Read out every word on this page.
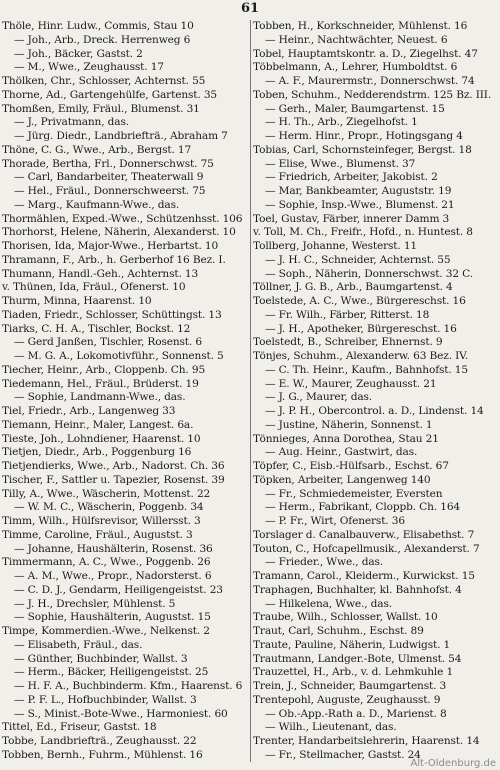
61
Thöle, Hinr. Ludw., Commis, Stau 10
— Joh., Arb., Dreck. Herrenweg 6
— Joh., Bäcker, Gastst. 2
— M., Wwe., Zeughausst. 17
Thölken, Chr., Schlosser, Achternst. 55
Thorne, Ad., Gartengehülfe, Gartenst. 35
Thomßen, Emily, Fräul., Blumenst. 31
— J., Privatmann, das.
— Jürg. Diedr., Landbriefträ., Abraham 7
Thöne, C. G., Wwe., Arb., Bergst. 17
Thorade, Bertha, Frl., Donnerschwst. 75
— Carl, Bandarbeiter, Theaterwall 9
— Hel., Fräul., Donnerschweerst. 75
— Marg., Kaufmann-Wwe., das.
Thormählen, Exped.-Wwe., Schützenhsst. 106
Thorhorst, Helene, Näherin, Alexanderst. 10
Thorisen, Ida, Major-Wwe., Herbartst. 10
Thramann, F., Arb., h. Gerberhof 16 Bez. I.
Thumann, Handl.-Geh., Achternst. 13
v. Thünen, Ida, Fräul., Ofenerst. 10
Thurm, Minna, Haarenst. 10
Tiaden, Friedr., Schlosser, Schüttingst. 13
Tiarks, C. H. A., Tischler, Bockst. 12
— Gerd Janßen, Tischler, Rosenst. 6
— M. G. A., Lokomotivführ., Sonnenst. 5
Tiecher, Heinr., Arb., Cloppenb. Ch. 95
Tiedemann, Hel., Fräul., Brüderst. 19
— Sophie, Landmann-Wwe., das.
Tiel, Friedr., Arb., Langenweg 33
Tiemann, Heinr., Maler, Langest. 6a.
Tieste, Joh., Lohndiener, Haarenst. 10
Tietjen, Diedr., Arb., Poggenburg 16
Tietjendierks, Wwe., Arb., Nadorst. Ch. 36
Tischer, F., Sattler u. Tapezier, Rosenst. 39
Tilly, A., Wwe., Wäscherin, Mottenst. 22
— W. M. C., Wäscherin, Poggenb. 34
Timm, Wilh., Hülfsrevisor, Willersst. 3
Timme, Caroline, Fräul., Augustst. 3
— Johanne, Haushälterin, Rosenst. 36
Timmermann, A. C., Wwe., Poggenb. 26
— A. M., Wwe., Propr., Nadorsterst. 6
— C. D. J., Gendarm, Heiligengeistst. 23
— J. H., Drechsler, Mühlenst. 5
— Sophie, Haushälterin, Augustst. 15
Timpe, Kommerdien.-Wwe., Nelkenst. 2
— Elisabeth, Fräul., das.
— Günther, Buchbinder, Wallst. 3
— Herm., Bäcker, Heiligengeistst. 25
— H. F. A., Buchbinderm. Kfm., Haarenst. 6
— P. F. L., Hofbuchbinder, Wallst. 3
— S., Minist.-Bote-Wwe., Harmoniest. 60
Tittel, Ed., Friseur, Gastst. 18
Tobbe, Landbriefträ., Zeughausst. 22
Tobben, Bernh., Fuhrm., Mühlenst. 16
Tobben, H., Korkschneider, Mühlenst. 16
— Heinr., Nachtwächter, Neuest. 6
Tobel, Hauptamtskontr. a. D., Ziegelhst. 47
Többelmann, A., Lehrer, Humboldtst. 6
— A. F., Maurermstr., Donnerschwst. 74
Toben, Schuhm., Nedderendstrm. 125 Bz. III.
— Gerh., Maler, Baumgartenst. 15
— H. Th., Arb., Ziegelhofst. 1
— Herm. Hinr., Propr., Hotingsgang 4
Tobias, Carl, Schornsteinfeger, Bergst. 18
— Elise, Wwe., Blumenst. 37
— Friedrich, Arbeiter, Jakobist. 2
— Mar, Bankbeamter, Auguststr. 19
— Sophie, Insp.-Wwe., Blumenst. 21
Toel, Gustav, Färber, innerer Damm 3
v. Toll, M. Ch., Freifr., Hofd., n. Huntest. 8
Tollberg, Johanne, Westerst. 11
— J. H. C., Schneider, Achternst. 55
— Soph., Näherin, Donnerschwst. 32 C.
Töllner, J. G. B., Arb., Baumgartenst. 4
Toelstede, A. C., Wwe., Bürgereschst. 16
— Fr. Wilh., Färber, Ritterst. 18
— J. H., Apotheker, Bürgereschst. 16
Toelstedt, B., Schreiber, Ehnernst. 9
Tönjes, Schuhm., Alexanderw. 63 Bez. IV.
— C. Th. Heinr., Kaufm., Bahnhofst. 15
— E. W., Maurer, Zeughausst. 21
— J. G., Maurer, das.
— J. P. H., Obercontrol. a. D., Lindenst. 14
— Justine, Näherin, Sonnenst. 1
Tönnieges, Anna Dorothea, Stau 21
— Aug. Heinr., Gastwirt, das.
Töpfer, C., Eisb.-Hülfsarb., Eschst. 67
Töpken, Arbeiter, Langenweg 140
— Fr., Schmiedemeister, Eversten
— Herm., Fabrikant, Cloppb. Ch. 164
— P. Fr., Wirt, Ofenerst. 36
Torslager d. Canalbauverw., Elisabethst. 7
Touton, C., Hofcapellmusik., Alexanderst. 7
— Frieder., Wwe., das.
Tramann, Carol., Kleiderm., Kurwickst. 15
Traphagen, Buchhalter, kl. Bahnhofst. 4
— Hilkelena, Wwe., das.
Traube, Wilh., Schlosser, Wallst. 10
Traut, Carl, Schuhm., Eschst. 89
Traute, Pauline, Näherin, Ludwigst. 1
Trautmann, Landger.-Bote, Ulmenst. 54
Trauzettel, H., Arb., v. d. Lehmkuhle 1
Trein, J., Schneider, Baumgartenst. 3
Trentepohl, Auguste, Zeughausst. 9
— Ob.-App.-Rath a. D., Marienst. 8
— Wilh., Lieutenant, das.
Trenter, Handarbeitslehrerin, Haarenst. 14
— Fr., Stellmacher, Gastst. 24
Alt-Oldenburg.de
